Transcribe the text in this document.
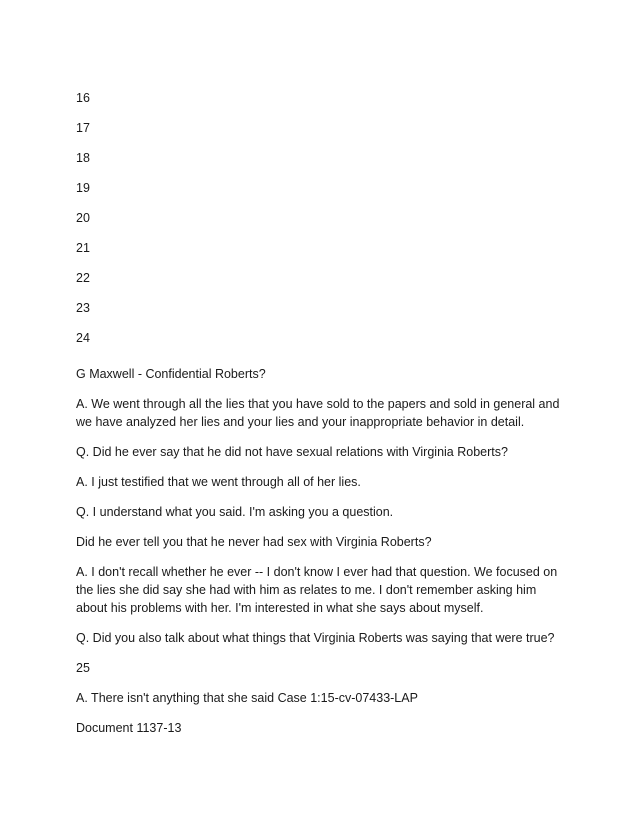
16
17
18
19
20
21
22
23
24

G Maxwell - Confidential Roberts?

A. We went through all the lies that you have sold to the papers and sold in general and we have analyzed her lies and your lies and your inappropriate behavior in detail.

Q. Did he ever say that he did not have sexual relations with Virginia Roberts?

A. I just testified that we went through all of her lies.

Q. I understand what you said. I'm asking you a question.

Did he ever tell you that he never had sex with Virginia Roberts?

A. I don't recall whether he ever -- I don't know I ever had that question. We focused on the lies she did say she had with him as relates to me. I don't remember asking him about his problems with her. I'm interested in what she says about myself.

Q. Did you also talk about what things that Virginia Roberts was saying that were true?

25

A. There isn't anything that she said Case 1:15-cv-07433-LAP

Document 1137-13
